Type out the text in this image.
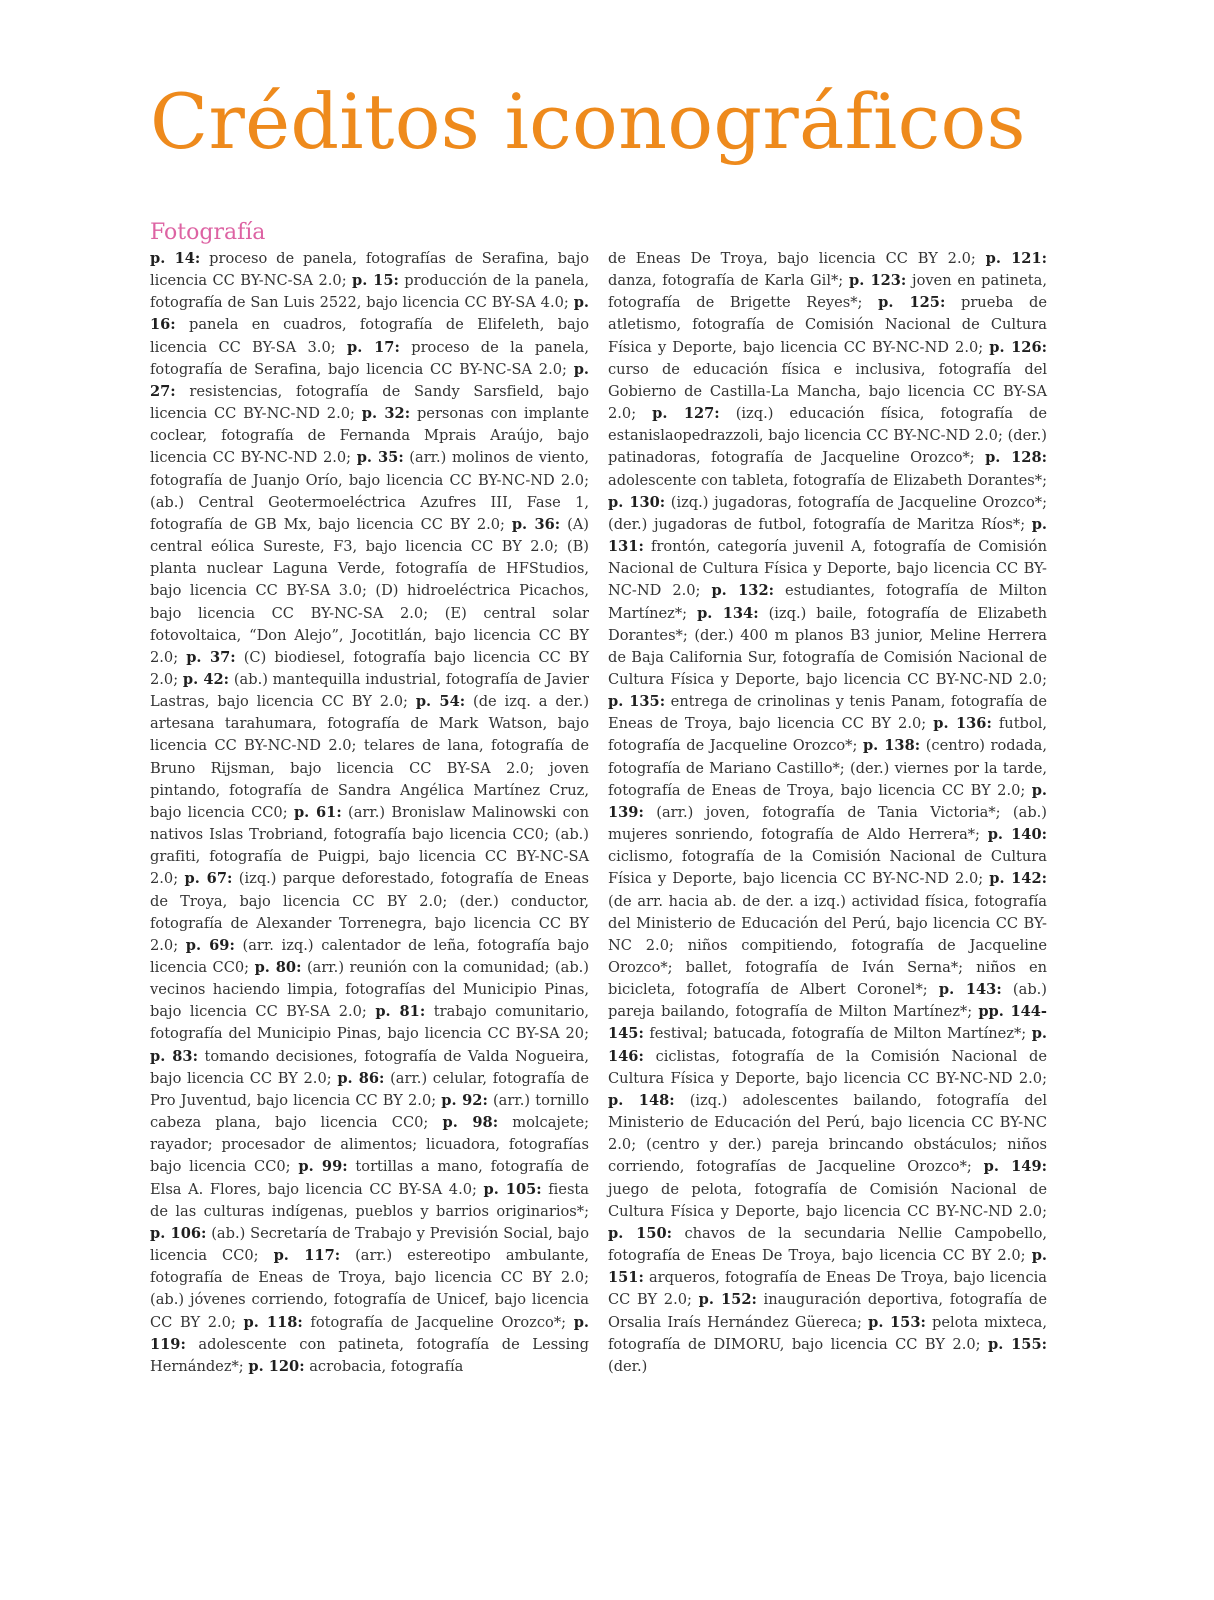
Créditos iconográficos
Fotografía

p. 14: proceso de panela, fotografías de Serafina, bajo licencia CC BY-NC-SA 2.0; p. 15: producción de la panela, fotografía de San Luis 2522, bajo licencia CC BY-SA 4.0; p. 16: panela en cuadros, fotografía de Elifeleth, bajo licencia CC BY-SA 3.0; p. 17: proceso de la panela, fotografía de Serafina, bajo licencia CC BY-NC-SA 2.0; p. 27: resistencias, fotografía de Sandy Sarsfield, bajo licencia CC BY-NC-ND 2.0; p. 32: personas con implante coclear, fotografía de Fernanda Mprais Araújo, bajo licencia CC BY-NC-ND 2.0; p. 35: (arr.) molinos de viento, fotografía de Juanjo Orío, bajo licencia CC BY-NC-ND 2.0; (ab.) Central Geotermoeléctrica Azufres III, Fase 1, fotografía de GB Mx, bajo licencia CC BY 2.0; p. 36: (A) central eólica Sureste, F3, bajo licencia CC BY 2.0; (B) planta nuclear Laguna Verde, fotografía de HFStudios, bajo licencia CC BY-SA 3.0; (D) hidroeléctrica Picachos, bajo licencia CC BY-NC-SA 2.0; (E) central solar fotovoltaica, “Don Alejo”, Jocotitlán, bajo licencia CC BY 2.0; p. 37: (C) biodiesel, fotografía bajo licencia CC BY 2.0; p. 42: (ab.) mantequilla industrial, fotografía de Javier Lastras, bajo licencia CC BY 2.0; p. 54: (de izq. a der.) artesana tarahumara, fotografía de Mark Watson, bajo licencia CC BY-NC-ND 2.0; telares de lana, fotografía de Bruno Rijsman, bajo licencia CC BY-SA 2.0; joven pintando, fotografía de Sandra Angélica Martínez Cruz, bajo licencia CC0; p. 61: (arr.) Bronislaw Malinowski con nativos Islas Trobriand, fotografía bajo licencia CC0; (ab.) grafiti, fotografía de Puigpi, bajo licencia CC BY-NC-SA 2.0; p. 67: (izq.) parque deforestado, fotografía de Eneas de Troya, bajo licencia CC BY 2.0; (der.) conductor, fotografía de Alexander Torrenegra, bajo licencia CC BY 2.0; p. 69: (arr. izq.) calentador de leña, fotografía bajo licencia CC0; p. 80: (arr.) reunión con la comunidad; (ab.) vecinos haciendo limpia, fotografías del Municipio Pinas, bajo licencia CC BY-SA 2.0; p. 81: trabajo comunitario, fotografía del Municipio Pinas, bajo licencia CC BY-SA 20; p. 83: tomando decisiones, fotografía de Valda Nogueira, bajo licencia CC BY 2.0; p. 86: (arr.) celular, fotografía de Pro Juventud, bajo licencia CC BY 2.0; p. 92: (arr.) tornillo cabeza plana, bajo licencia CC0; p. 98: molcajete; rayador; procesador de alimentos; licuadora, fotografías bajo licencia CC0; p. 99: tortillas a mano, fotografía de Elsa A. Flores, bajo licencia CC BY-SA 4.0; p. 105: fiesta de las culturas indígenas, pueblos y barrios originarios*; p. 106: (ab.) Secretaría de Trabajo y Previsión Social, bajo licencia CC0; p. 117: (arr.) estereotipo ambulante, fotografía de Eneas de Troya, bajo licencia CC BY 2.0; (ab.) jóvenes corriendo, fotografía de Unicef, bajo licencia CC BY 2.0; p. 118: fotografía de Jacqueline Orozco*; p. 119: adolescente con patineta, fotografía de Lessing Hernández*; p. 120: acrobacia, fotografía

de Eneas De Troya, bajo licencia CC BY 2.0; p. 121: danza, fotografía de Karla Gil*; p. 123: joven en patineta, fotografía de Brigette Reyes*; p. 125: prueba de atletismo, fotografía de Comisión Nacional de Cultura Física y Deporte, bajo licencia CC BY-NC-ND 2.0; p. 126: curso de educación física e inclusiva, fotografía del Gobierno de Castilla-La Mancha, bajo licencia CC BY-SA 2.0; p. 127: (izq.) educación física, fotografía de estanislaopedrazzoli, bajo licencia CC BY-NC-ND 2.0; (der.) patinadoras, fotografía de Jacqueline Orozco*; p. 128: adolescente con tableta, fotografía de Elizabeth Dorantes*; p. 130: (izq.) jugadoras, fotografía de Jacqueline Orozco*; (der.) jugadoras de futbol, fotografía de Maritza Ríos*; p. 131: frontón, categoría juvenil A, fotografía de Comisión Nacional de Cultura Física y Deporte, bajo licencia CC BY-NC-ND 2.0; p. 132: estudiantes, fotografía de Milton Martínez*; p. 134: (izq.) baile, fotografía de Elizabeth Dorantes*; (der.) 400 m planos B3 junior, Meline Herrera de Baja California Sur, fotografía de Comisión Nacional de Cultura Física y Deporte, bajo licencia CC BY-NC-ND 2.0; p. 135: entrega de crinolinas y tenis Panam, fotografía de Eneas de Troya, bajo licencia CC BY 2.0; p. 136: futbol, fotografía de Jacqueline Orozco*; p. 138: (centro) rodada, fotografía de Mariano Castillo*; (der.) viernes por la tarde, fotografía de Eneas de Troya, bajo licencia CC BY 2.0; p. 139: (arr.) joven, fotografía de Tania Victoria*; (ab.) mujeres sonriendo, fotografía de Aldo Herrera*; p. 140: ciclismo, fotografía de la Comisión Nacional de Cultura Física y Deporte, bajo licencia CC BY-NC-ND 2.0; p. 142: (de arr. hacia ab. de der. a izq.) actividad física, fotografía del Ministerio de Educación del Perú, bajo licencia CC BY-NC 2.0; niños compitiendo, fotografía de Jacqueline Orozco*; ballet, fotografía de Iván Serna*; niños en bicicleta, fotografía de Albert Coronel*; p. 143: (ab.) pareja bailando, fotografía de Milton Martínez*; pp. 144-145: festival; batucada, fotografía de Milton Martínez*; p. 146: ciclistas, fotografía de la Comisión Nacional de Cultura Física y Deporte, bajo licencia CC BY-NC-ND 2.0; p. 148: (izq.) adolescentes bailando, fotografía del Ministerio de Educación del Perú, bajo licencia CC BY-NC 2.0; (centro y der.) pareja brincando obstáculos; niños corriendo, fotografías de Jacqueline Orozco*; p. 149: juego de pelota, fotografía de Comisión Nacional de Cultura Física y Deporte, bajo licencia CC BY-NC-ND 2.0; p. 150: chavos de la secundaria Nellie Campobello, fotografía de Eneas De Troya, bajo licencia CC BY 2.0; p. 151: arqueros, fotografía de Eneas De Troya, bajo licencia CC BY 2.0; p. 152: inauguración deportiva, fotografía de Orsalia Iraís Hernández Güereca; p. 153: pelota mixteca, fotografía de DIMORU, bajo licencia CC BY 2.0; p. 155: (der.)
